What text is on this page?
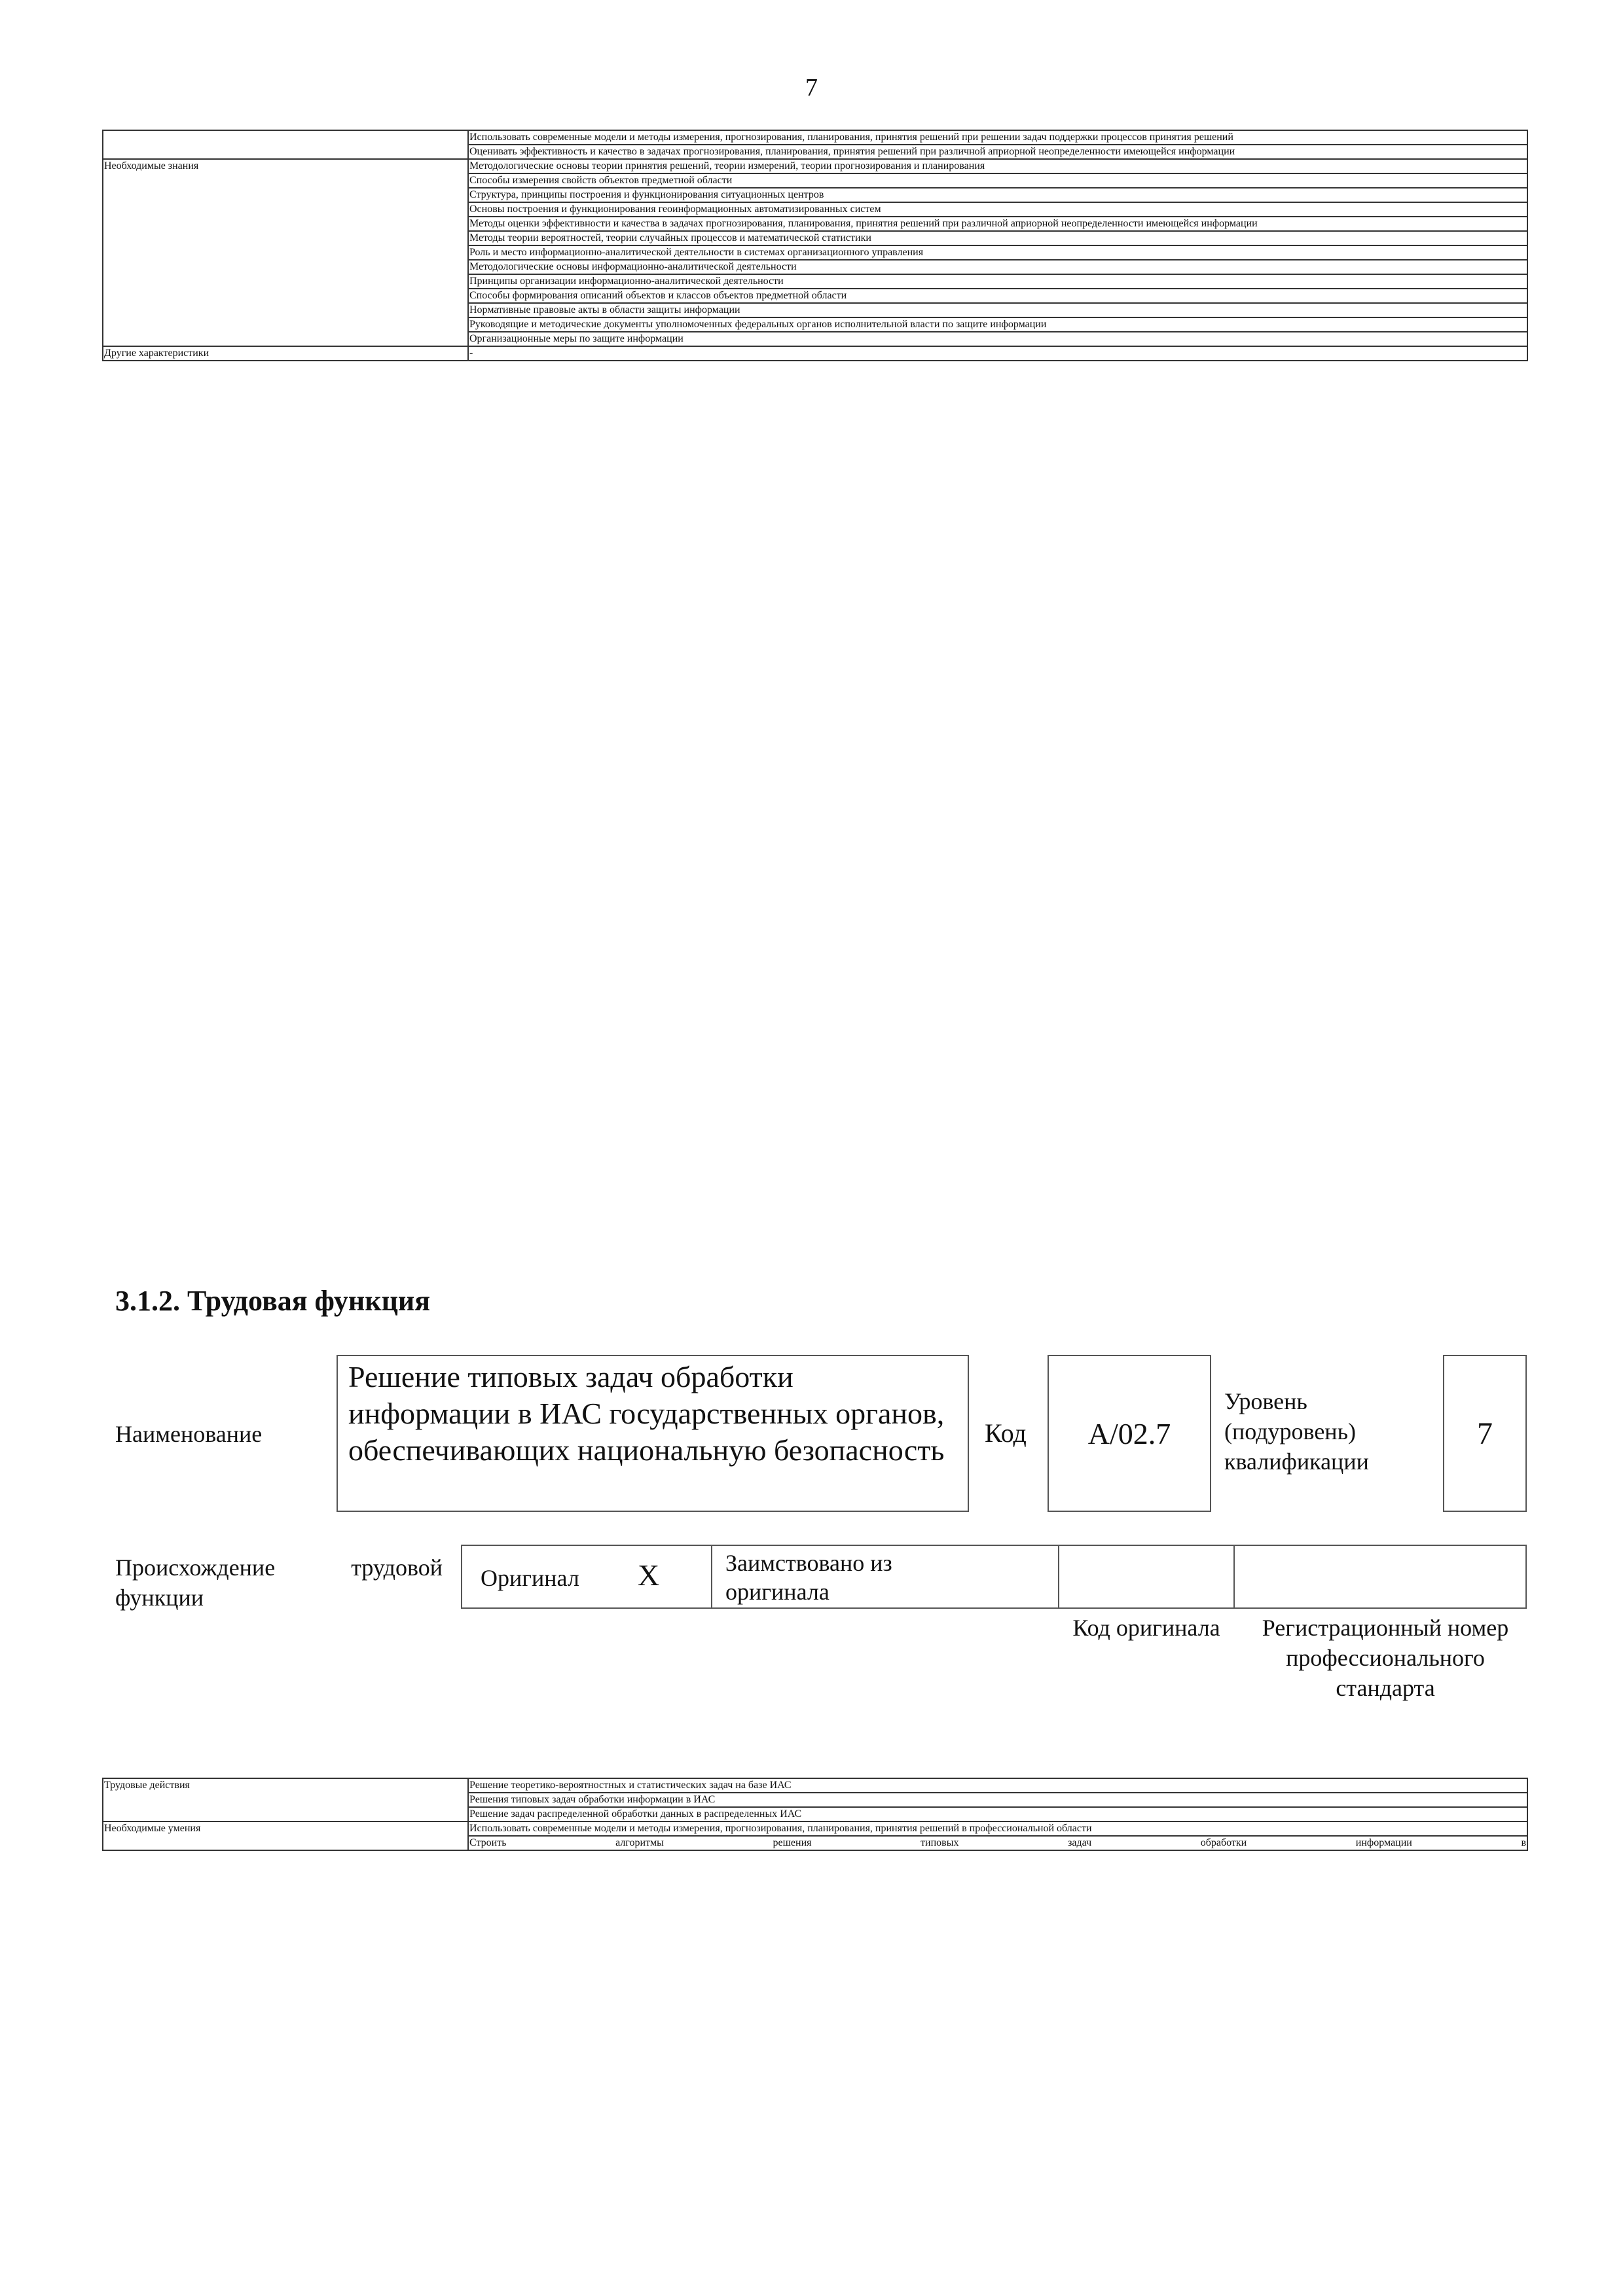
7
	Использовать современные модели и методы измерения, прогнозирования, планирования, принятия решений при решении задач поддержки процессов принятия решений
	Оценивать эффективность и качество в задачах прогнозирования, планирования, принятия решений при различной априорной неопределенности имеющейся информации
Необходимые знания	Методологические основы теории принятия решений, теории измерений, теории прогнозирования и планирования
	Способы измерения свойств объектов предметной области
	Структура, принципы построения и функционирования ситуационных центров
	Основы построения и функционирования геоинформационных автоматизированных систем
	Методы оценки эффективности и качества в задачах прогнозирования, планирования, принятия решений при различной априорной неопределенности имеющейся информации
	Методы теории вероятностей, теории случайных процессов и математической статистики
	Роль и место информационно-аналитической деятельности в системах организационного управления
	Методологические основы информационно-аналитической деятельности
	Принципы организации информационно-аналитической деятельности
	Способы формирования описаний объектов и классов объектов предметной области
	Нормативные правовые акты в области защиты информации
	Руководящие и методические документы уполномоченных федеральных органов исполнительной власти по защите информации
	Организационные меры по защите информации
Другие характеристики	-
3.1.2. Трудовая функция
Наименование
Решение типовых задач обработки информации в ИАС государственных органов, обеспечивающих национальную безопасность
Код	A/02.7
Уровень (подуровень) квалификации
7
Происхождение трудовой
функции
Оригинал X	Заимствовано из оригинала
Код оригинала	Регистрационный номер профессионального стандарта
Трудовые действия	Решение теоретико-вероятностных и статистических задач на базе ИАС
	Решения типовых задач обработки информации в ИАС
	Решение задач распределенной обработки данных в распределенных ИАС
Необходимые умения	Использовать современные модели и методы измерения, прогнозирования, планирования, принятия решений в профессиональной области
	Строить алгоритмы решения типовых задач обработки информации в
